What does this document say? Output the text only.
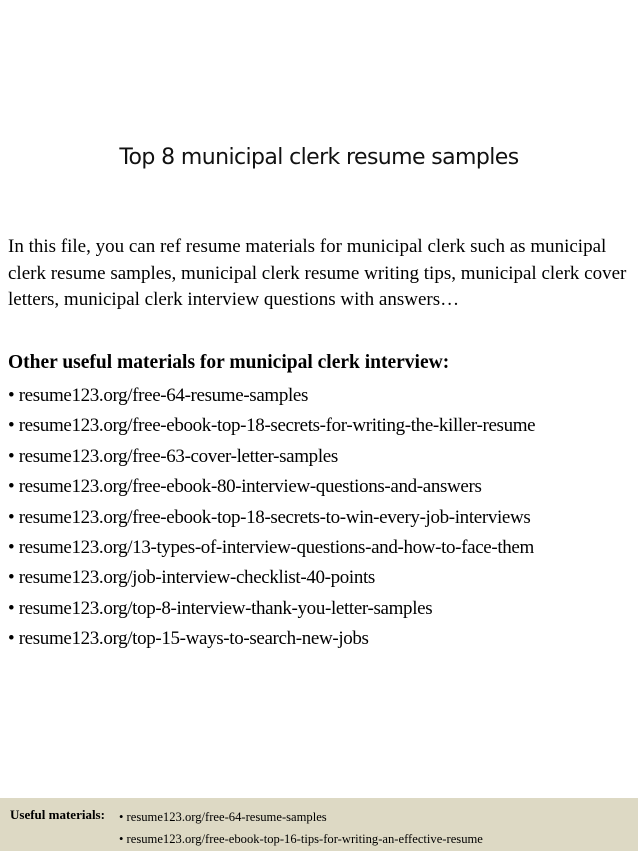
Top 8 municipal clerk resume samples

In this file, you can ref resume materials for municipal clerk such as municipal clerk resume samples, municipal clerk resume writing tips, municipal clerk cover letters, municipal clerk interview questions with answers…

Other useful materials for municipal clerk interview:
• resume123.org/free-64-resume-samples
• resume123.org/free-ebook-top-18-secrets-for-writing-the-killer-resume
• resume123.org/free-63-cover-letter-samples
• resume123.org/free-ebook-80-interview-questions-and-answers
• resume123.org/free-ebook-top-18-secrets-to-win-every-job-interviews
• resume123.org/13-types-of-interview-questions-and-how-to-face-them
• resume123.org/job-interview-checklist-40-points
• resume123.org/top-8-interview-thank-you-letter-samples
• resume123.org/top-15-ways-to-search-new-jobs
Useful materials: • resume123.org/free-64-resume-samples
• resume123.org/free-ebook-top-16-tips-for-writing-an-effective-resume
